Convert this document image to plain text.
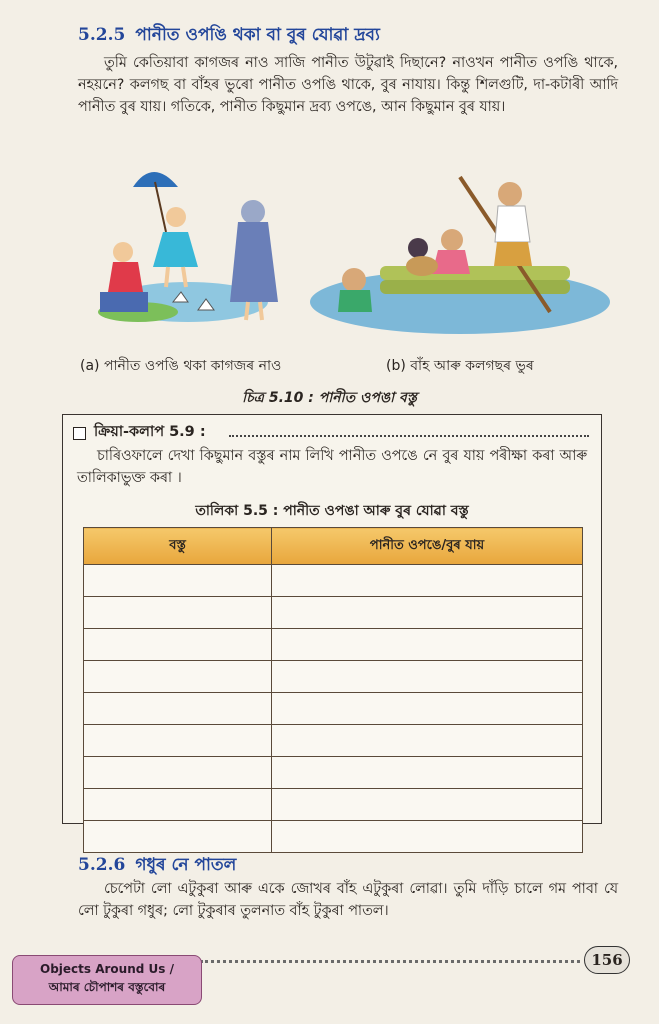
5.2.5 পানীত ওপঙি থকা বা বুৰ যোৱা দ্ৰব্য
তুমি কেতিয়াবা কাগজৰ নাও সাজি পানীত উটুৱাই দিছানে? নাওখন পানীত ওপঙি থাকে, নহয়নে? কলগছ বা বাঁহৰ ভুৰো পানীত ওপঙি থাকে, বুৰ নাযায়। কিন্তু শিলগুটি, দা-কটাৰী আদি পানীত বুৰ যায়। গতিকে, পানীত কিছুমান দ্ৰব্য ওপঙে, আন কিছুমান বুৰ যায়।
(a) পানীত ওপঙি থকা কাগজৰ নাও	(b) বাঁহ আৰু কলগছৰ ভুৰ
চিত্ৰ 5.10 : পানীত ওপঙা বস্তু
ক্ৰিয়া-কলাপ 5.9 :
চাৰিওফালে দেখা কিছুমান বস্তুৰ নাম লিখি পানীত ওপঙে নে বুৰ যায় পৰীক্ষা কৰা আৰু তালিকাভুক্ত কৰা ।
তালিকা 5.5 : পানীত ওপঙা আৰু বুৰ যোৱা বস্তু
বস্তু	পানীত ওপঙে/বুৰ যায়

5.2.6 গধুৰ নে পাতল
চেপেটা লো এটুকুৰা আৰু একে জোখৰ বাঁহ এটুকুৰা লোৱা। তুমি দাঁড়ি চালে গম পাবা যে লো টুকুৰা গধুৰ; লো টুকুৰাৰ তুলনাত বাঁহ টুকুৰা পাতল।
156
Objects Around Us /
আমাৰ চৌপাশৰ বস্তুবোৰ
